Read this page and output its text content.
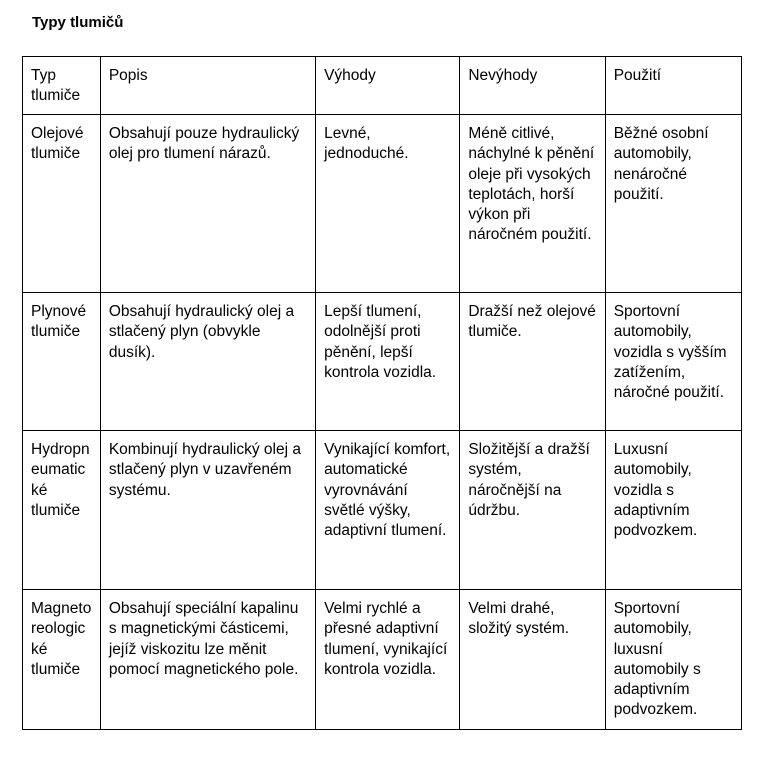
Typy tlumičů
Typ tlumiče	Popis	Výhody	Nevýhody	Použití
Olejové tlumiče	Obsahují pouze hydraulický olej pro tlumení nárazů.	Levné, jednoduché.	Méně citlivé, náchylné k pěnění oleje při vysokých teplotách, horší výkon při náročném použití.	Běžné osobní automobily, nenáročné použití.
Plynové tlumiče	Obsahují hydraulický olej a stlačený plyn (obvykle dusík).	Lepší tlumení, odolnější proti pěnění, lepší kontrola vozidla.	Dražší než olejové tlumiče.	Sportovní automobily, vozidla s vyšším zatížením, náročné použití.
Hydropneumatické tlumiče	Kombinují hydraulický olej a stlačený plyn v uzavřeném systému.	Vynikající komfort, automatické vyrovnávání světlé výšky, adaptivní tlumení.	Složitější a dražší systém, náročnější na údržbu.	Luxusní automobily, vozidla s adaptivním podvozkem.
Magnetoreologické tlumiče	Obsahují speciální kapalinu s magnetickými částicemi, jejíž viskozitu lze měnit pomocí magnetického pole.	Velmi rychlé a přesné adaptivní tlumení, vynikající kontrola vozidla.	Velmi drahé, složitý systém.	Sportovní automobily, luxusní automobily s adaptivním podvozkem.
